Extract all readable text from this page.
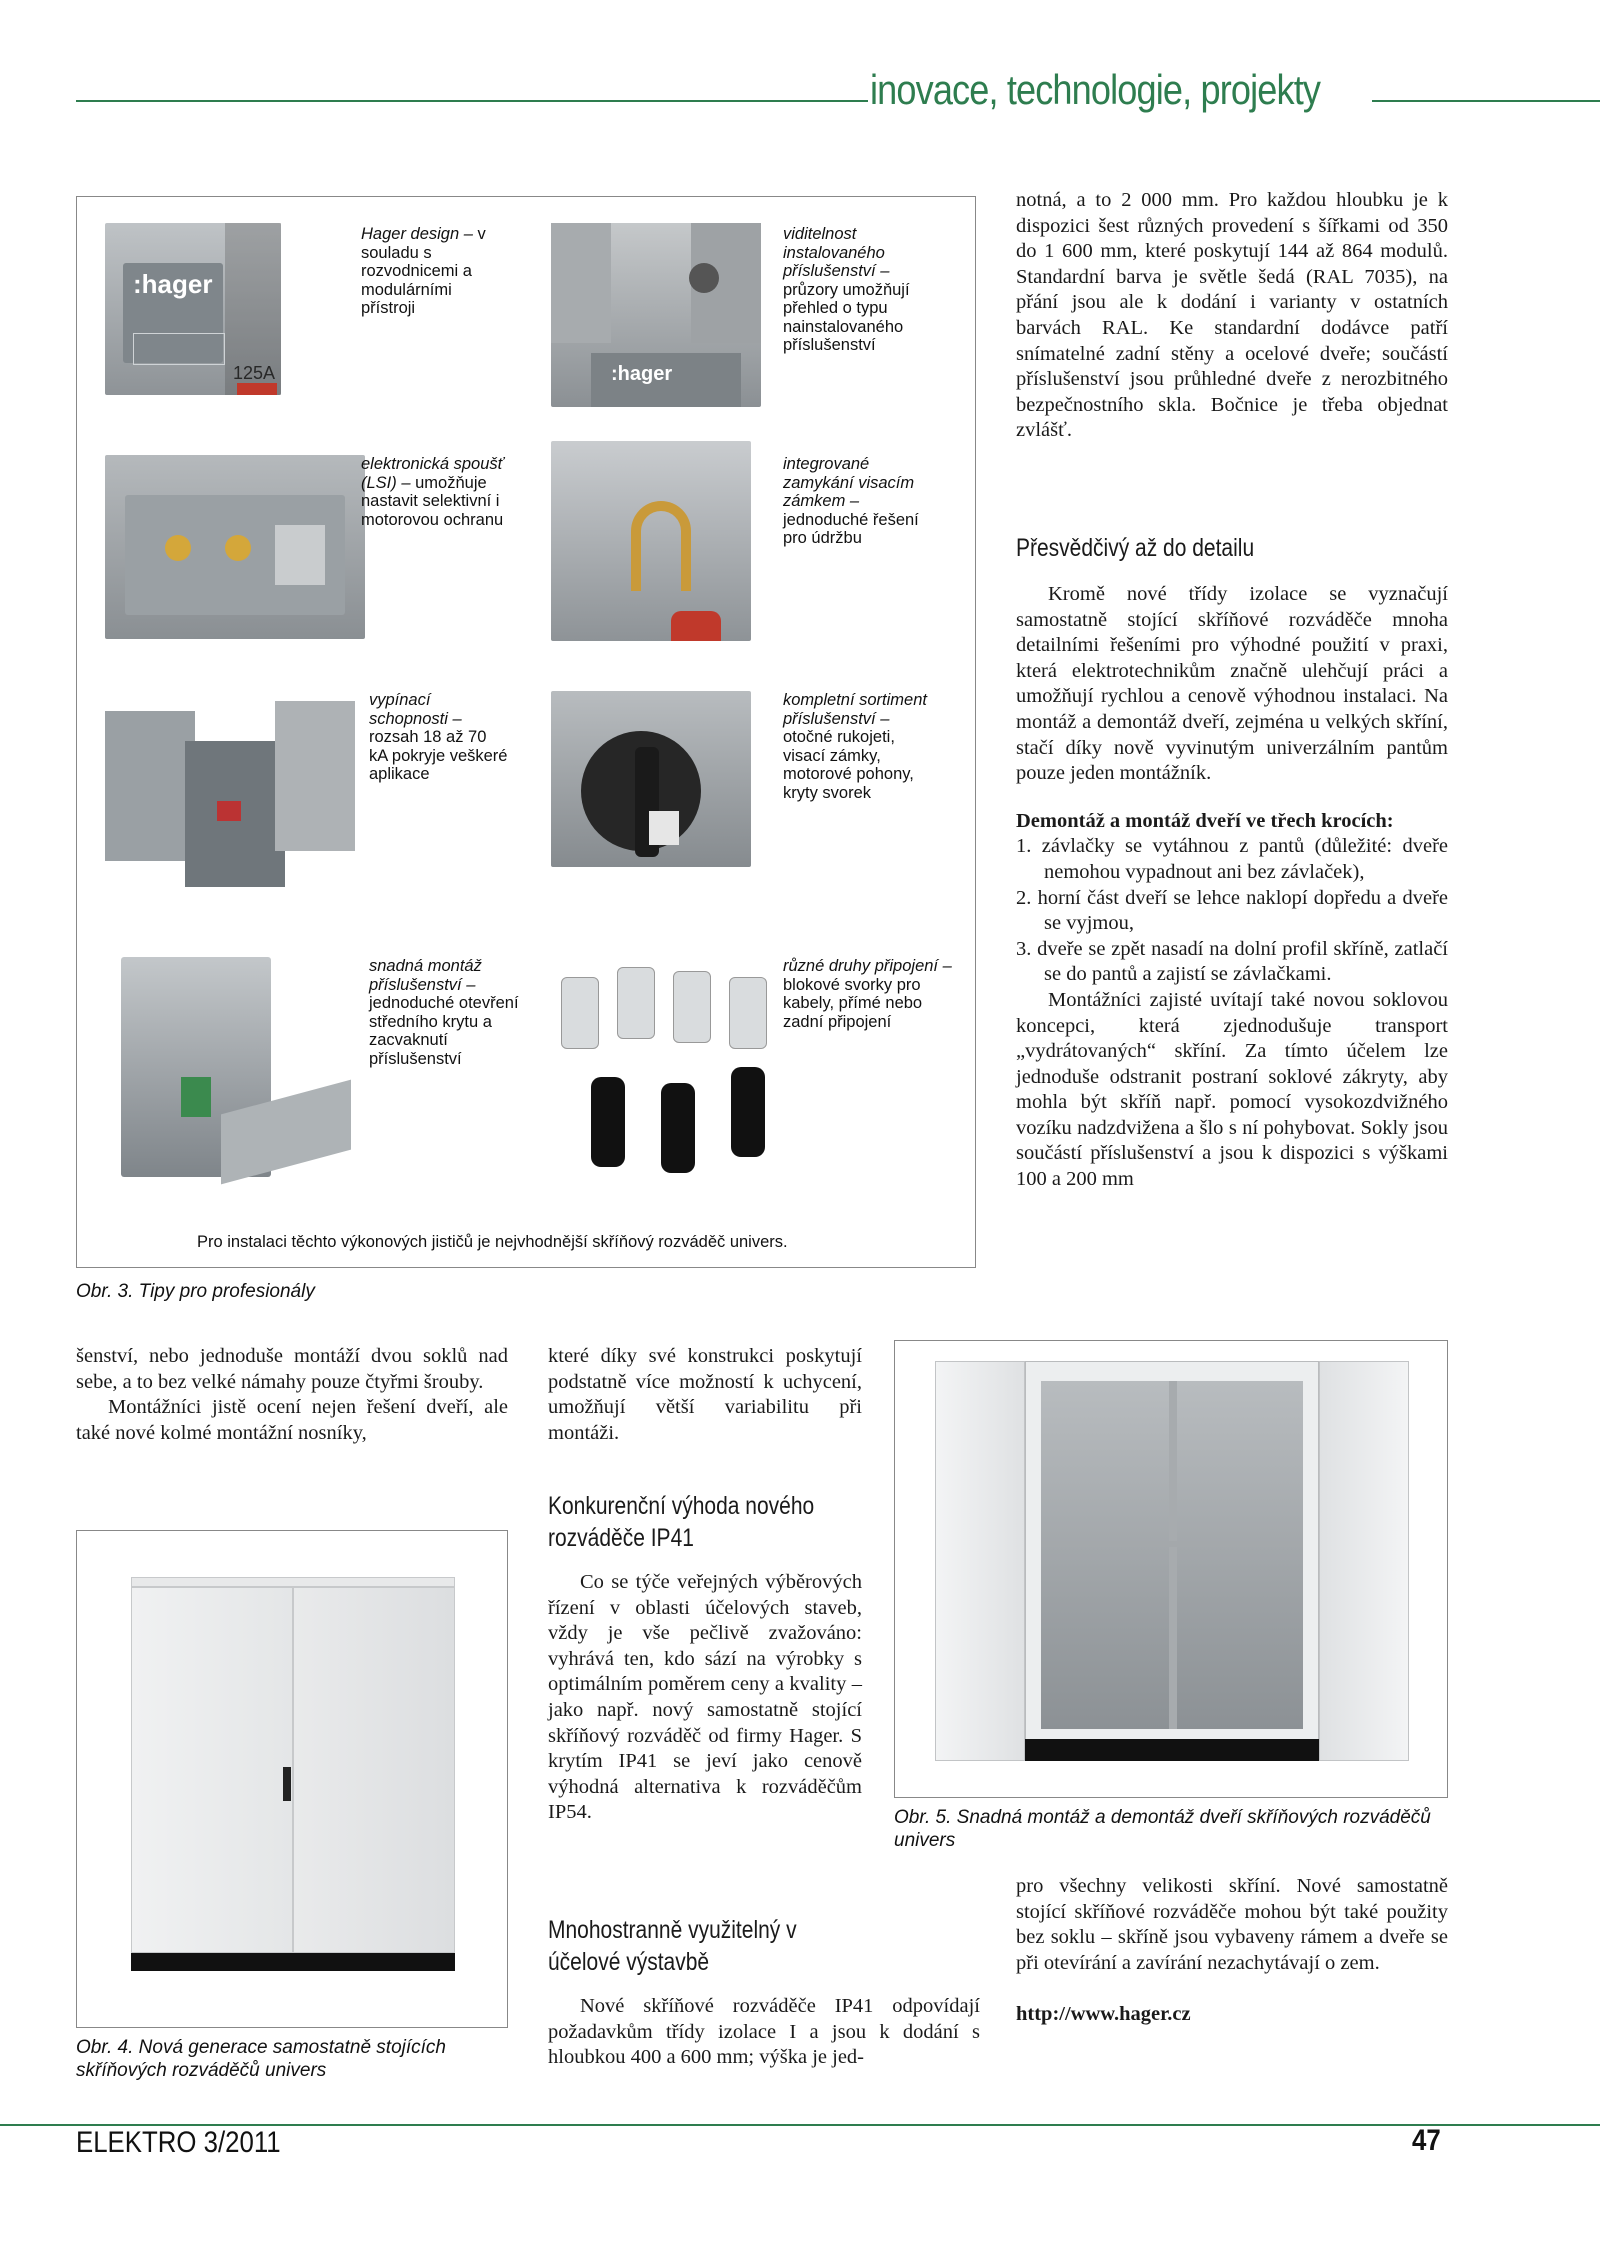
inovace, technologie, projekty
:hager
125A
Hager design – v souladu s rozvodnicemi a modulárními přístroji
:hager
viditelnost instalovaného příslušenství – průzory umožňují přehled o typu nainstalovaného příslušenství
elektronická spoušť (LSI) – umožňuje nastavit selektivní i motorovou ochranu
integrované zamykání visacím zámkem – jednoduché řešení pro údržbu
vypínací schopnosti – rozsah 18 až 70 kA pokryje veškeré aplikace
kompletní sortiment příslušenství – otočné rukojeti, visací zámky, motorové pohony, kryty svorek
snadná montáž příslušenství – jednoduché otevření středního krytu a zacvaknutí příslušenství
různé druhy připojení – blokové svorky pro kabely, přímé nebo zadní připojení
Pro instalaci těchto výkonových jističů je nejvhodnější skříňový rozváděč univers.
Obr. 3. Tipy pro profesionály

notná, a to 2 000 mm. Pro každou hloubku je k dispozici šest různých provedení s šířkami od 350 do 1 600 mm, které poskytují 144 až 864 modulů. Standardní barva je světle šedá (RAL 7035), na přání jsou ale k dodání i varianty v ostatních barvách RAL. Ke standardní dodávce patří snímatelné zadní stěny a ocelové dveře; součástí příslušenství jsou průhledné dveře z nerozbitného bezpečnostního skla. Bočnice je třeba objednat zvlášť.

Přesvědčivý až do detailu

Kromě nové třídy izolace se vyznačují samostatně stojící skříňové rozváděče mnoha detailními řešeními pro výhodné použití v praxi, která elektrotechnikům značně ulehčují práci a umožňují rychlou a cenově výhodnou instalaci. Na montáž a demontáž dveří, zejména u velkých skříní, stačí díky nově vyvinutým univerzálním pantům pouze jeden montážník.

Demontáž a montáž dveří ve třech krocích:

1. závlačky se vytáhnou z pantů (důležité: dveře nemohou vypadnout ani bez závlaček),

2. horní část dveří se lehce naklopí dopředu a dveře se vyjmou,

3. dveře se zpět nasadí na dolní profil skříně, zatlačí se do pantů a zajistí se závlačkami.

Montážníci zajisté uvítají také novou soklovou koncepci, která zjednodušuje transport „vydrátovaných“ skříní. Za tímto účelem lze jednoduše odstranit postraní soklové zákryty, aby mohla být skříň např. pomocí vysokozdvižného vozíku nadzdvižena a šlo s ní pohybovat. Sokly jsou součástí příslušenství a jsou k dispozici s výškami 100 a 200 mm

šenství, nebo jednoduše montáží dvou soklů nad sebe, a to bez velké námahy pouze čtyřmi šrouby.

Montážníci jistě ocení nejen řešení dveří, ale také nové kolmé montážní nosníky,

Obr. 4. Nová generace samostatně stojících skříňových rozváděčů univers

které díky své konstrukci poskytují podstatně více možností k uchycení, umožňují větší variabilitu při montáži.

Konkurenční výhoda nového rozváděče IP41

Co se týče veřejných výběrových řízení v oblasti účelových staveb, vždy je vše pečlivě zvažováno: vyhrává ten, kdo sází na výrobky s optimálním poměrem ceny a kvality – jako např. nový samostatně stojící skříňový rozváděč od firmy Hager. S krytím IP41 se jeví jako cenově výhodná alternativa k rozváděčům IP54.

Mnohostranně využitelný v účelové výstavbě

Nové skříňové rozváděče IP41 odpovídají požadavkům třídy izolace I a jsou k dodání s hloubkou 400 a 600 mm; výška je jed-

Obr. 5. Snadná montáž a demontáž dveří skříňových rozváděčů univers

pro všechny velikosti skříní. Nové samostatně stojící skříňové rozváděče mohou být také použity bez soklu – skříně jsou vybaveny rámem a dveře se při otevírání a zavírání nezachytávají o zem.

http://www.hager.cz

ELEKTRO 3/2011	47
